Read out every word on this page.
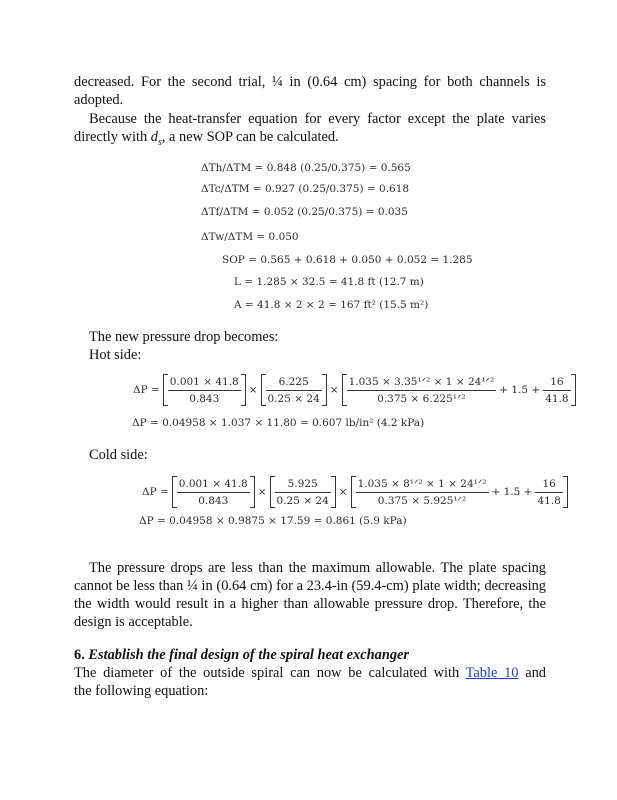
decreased. For the second trial, ¼ in (0.64 cm) spacing for both channels is
adopted.
Because the heat-transfer equation for every factor except the plate varies
directly with $d_s$, a new SOP can be calculated.
ΔTh/ΔTM = 0.848 (0.25/0.375) = 0.565
ΔTc/ΔTM = 0.927 (0.25/0.375) = 0.618
ΔTf/ΔTM = 0.052 (0.25/0.375) = 0.035
ΔTw/ΔTM = 0.050
SOP = 0.565 + 0.618 + 0.050 + 0.052 = 1.285
L = 1.285 × 32.5 = 41.8 ft (12.7 m)
A = 41.8 × 2 × 2 = 167 ft² (15.5 m²)
The new pressure drop becomes:
Hot side:
$\Delta P = \frac{0.001 \times 41.8}{0.843} \times \frac{6.225}{0.25 \times 24} \times \frac{\text{1.035 × 3.35¹ᐟ² × 1 × 24¹ᐟ²}}{\text{0.375 × 6.225¹ᐟ²}} + 1.5 + \frac{16}{41.8}$
ΔP = 0.04958 × 1.037 × 11.80 = 0.607 lb/in² (4.2 kPa)
Cold side:
$\Delta P = \frac{0.001 \times 41.8}{0.843} \times \frac{5.925}{0.25 \times 24} \times \frac{\text{1.035 × 8¹ᐟ² × 1 × 24¹ᐟ²}}{\text{0.375 × 5.925¹ᐟ²}} + 1.5 + \frac{16}{41.8}$
ΔP = 0.04958 × 0.9875 × 17.59 = 0.861 (5.9 kPa)
The pressure drops are less than the maximum allowable. The plate spacing cannot be less than ¼ in (0.64 cm) for a 23.4-in (59.4-cm) plate width; decreasing the width would result in a higher than allowable pressure drop. Therefore, the design is acceptable.
6. Establish the final design of the spiral heat exchanger
The diameter of the outside spiral can now be calculated with Table 10 and
the following equation:
